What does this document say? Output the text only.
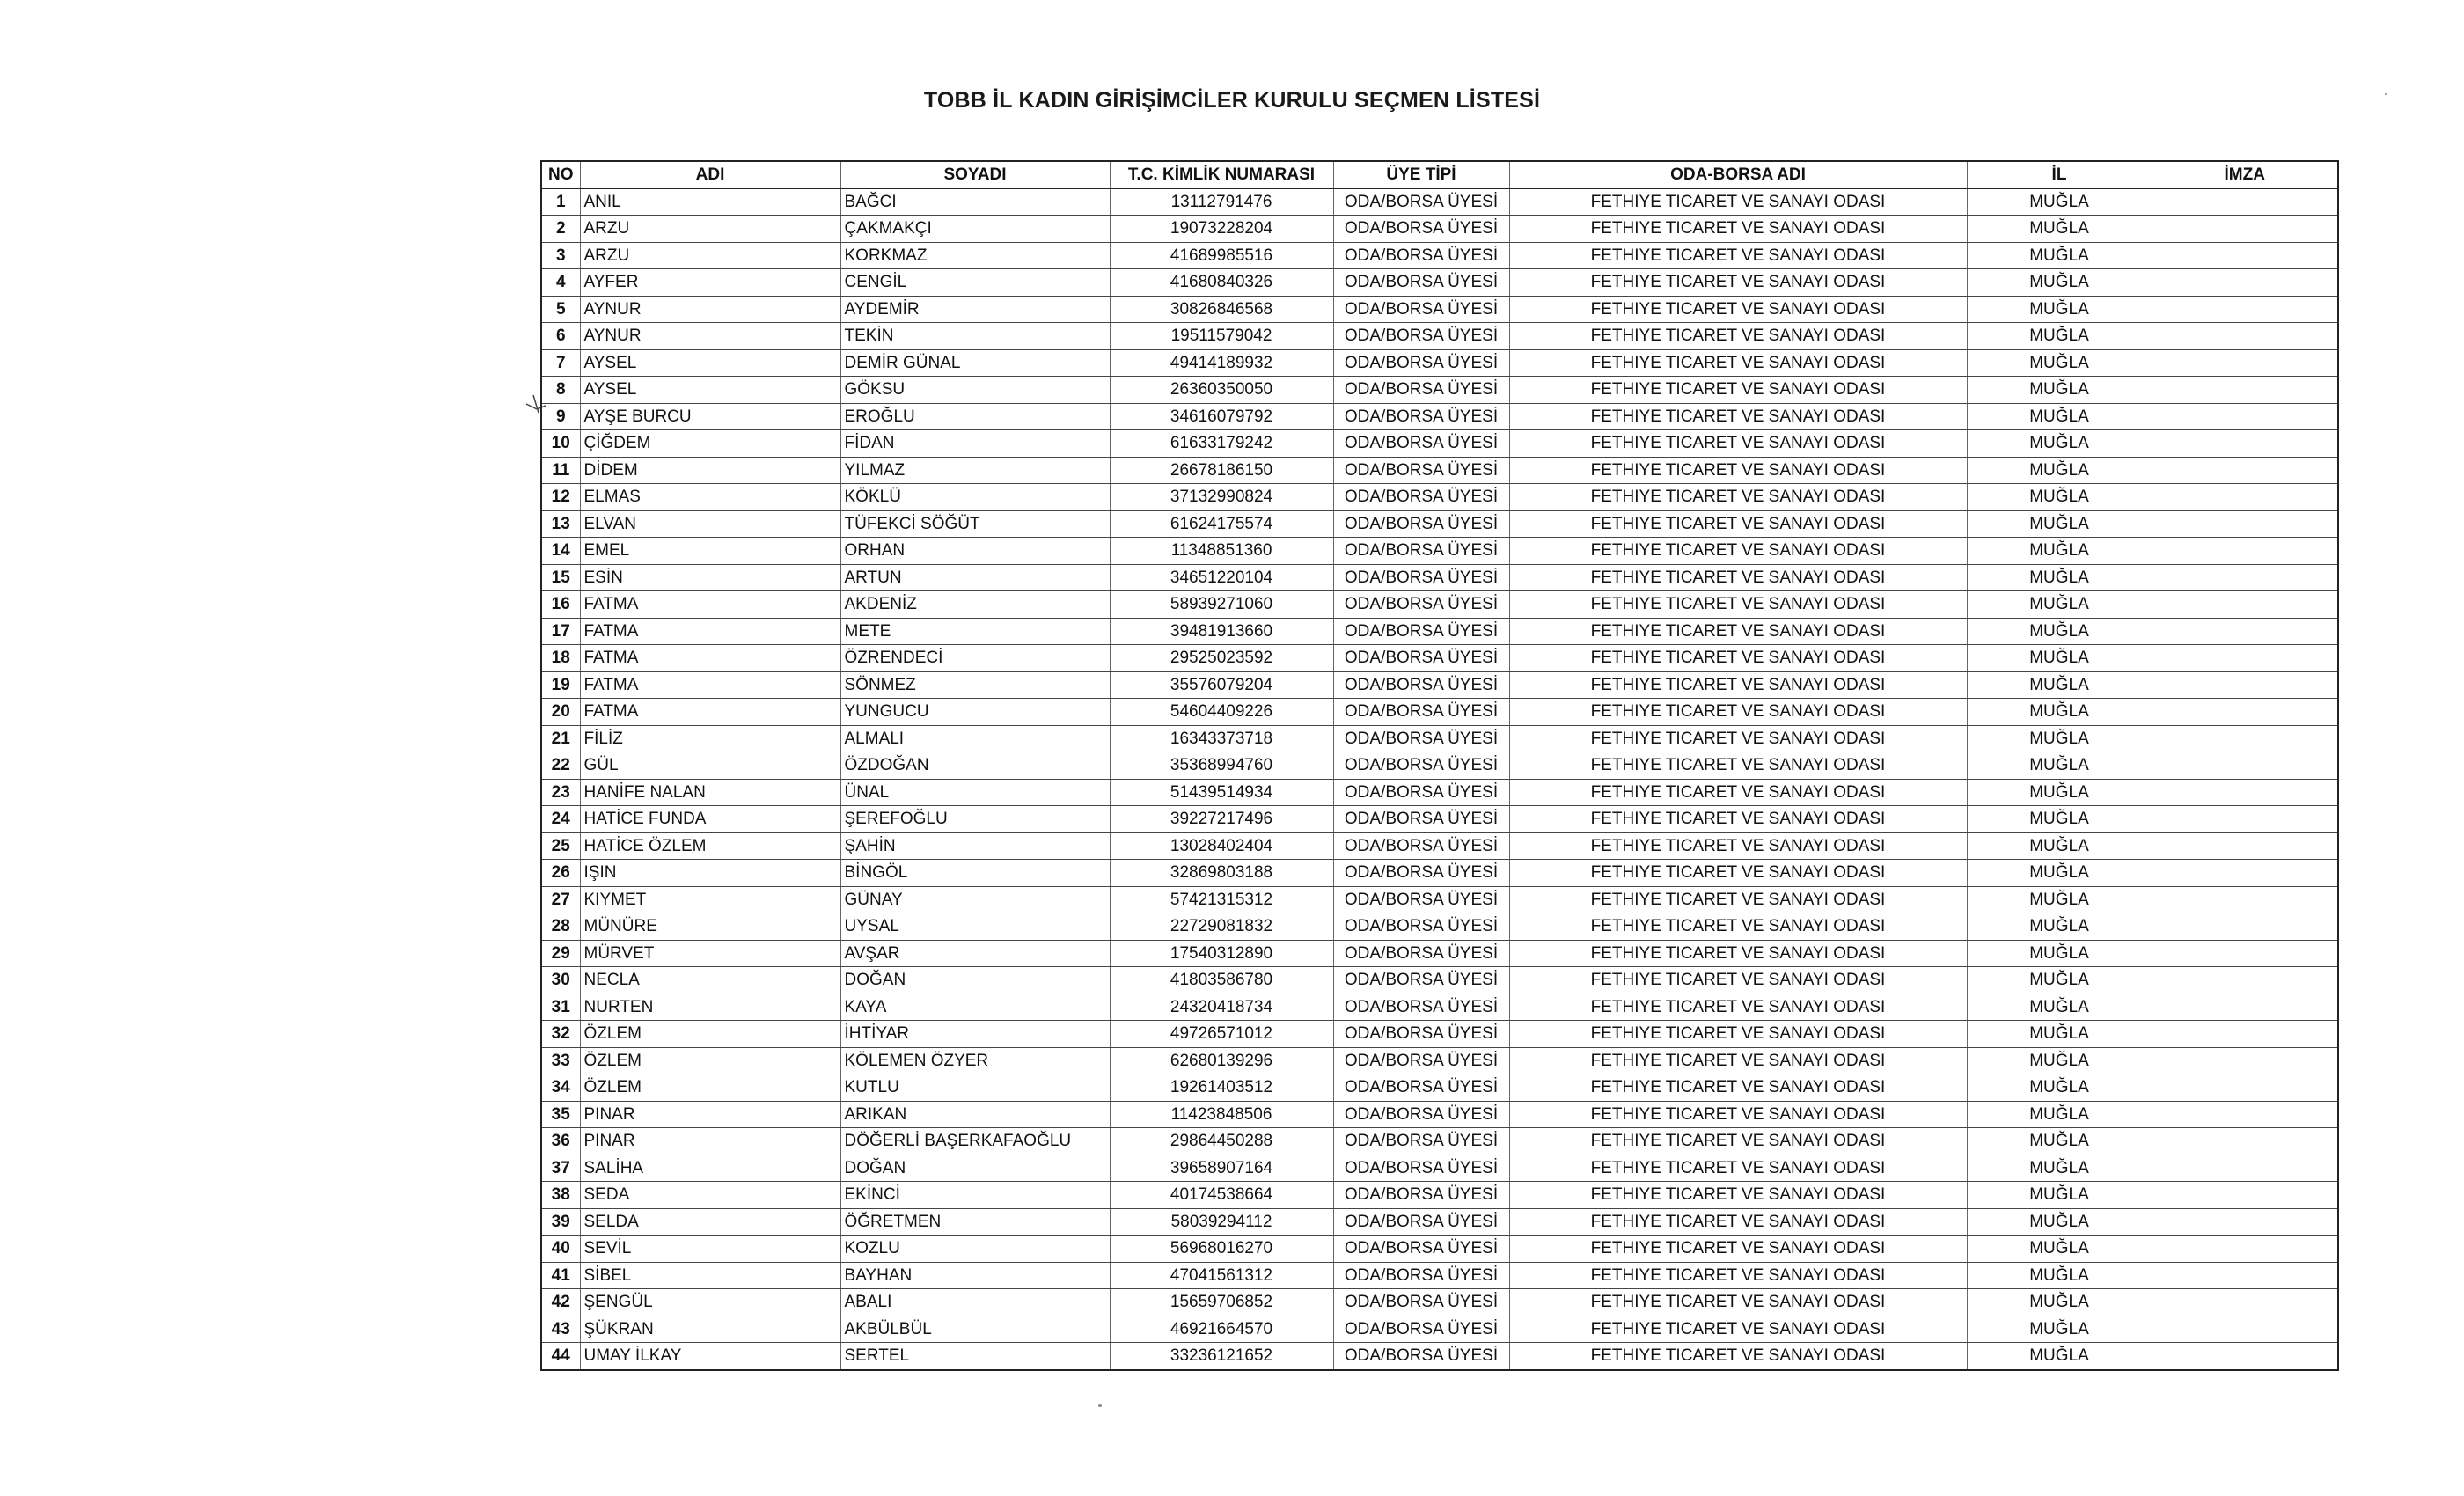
TOBB İL KADIN GİRİŞİMCİLER KURULU SEÇMEN LİSTESİ
NO	ADI	SOYADI	T.C. KİMLİK NUMARASI	ÜYE TİPİ	ODA-BORSA ADI	İL	İMZA
1	ANIL	BAĞCI	13112791476	ODA/BORSA ÜYESİ	FETHIYE TICARET VE SANAYI ODASI	MUĞLA	
2	ARZU	ÇAKMAKÇI	19073228204	ODA/BORSA ÜYESİ	FETHIYE TICARET VE SANAYI ODASI	MUĞLA	
3	ARZU	KORKMAZ	41689985516	ODA/BORSA ÜYESİ	FETHIYE TICARET VE SANAYI ODASI	MUĞLA	
4	AYFER	CENGİL	41680840326	ODA/BORSA ÜYESİ	FETHIYE TICARET VE SANAYI ODASI	MUĞLA	
5	AYNUR	AYDEMİR	30826846568	ODA/BORSA ÜYESİ	FETHIYE TICARET VE SANAYI ODASI	MUĞLA	
6	AYNUR	TEKİN	19511579042	ODA/BORSA ÜYESİ	FETHIYE TICARET VE SANAYI ODASI	MUĞLA	
7	AYSEL	DEMİR GÜNAL	49414189932	ODA/BORSA ÜYESİ	FETHIYE TICARET VE SANAYI ODASI	MUĞLA	
8	AYSEL	GÖKSU	26360350050	ODA/BORSA ÜYESİ	FETHIYE TICARET VE SANAYI ODASI	MUĞLA	
9	AYŞE BURCU	EROĞLU	34616079792	ODA/BORSA ÜYESİ	FETHIYE TICARET VE SANAYI ODASI	MUĞLA	
10	ÇİĞDEM	FİDAN	61633179242	ODA/BORSA ÜYESİ	FETHIYE TICARET VE SANAYI ODASI	MUĞLA	
11	DİDEM	YILMAZ	26678186150	ODA/BORSA ÜYESİ	FETHIYE TICARET VE SANAYI ODASI	MUĞLA	
12	ELMAS	KÖKLÜ	37132990824	ODA/BORSA ÜYESİ	FETHIYE TICARET VE SANAYI ODASI	MUĞLA	
13	ELVAN	TÜFEKCİ SÖĞÜT	61624175574	ODA/BORSA ÜYESİ	FETHIYE TICARET VE SANAYI ODASI	MUĞLA	
14	EMEL	ORHAN	11348851360	ODA/BORSA ÜYESİ	FETHIYE TICARET VE SANAYI ODASI	MUĞLA	
15	ESİN	ARTUN	34651220104	ODA/BORSA ÜYESİ	FETHIYE TICARET VE SANAYI ODASI	MUĞLA	
16	FATMA	AKDENİZ	58939271060	ODA/BORSA ÜYESİ	FETHIYE TICARET VE SANAYI ODASI	MUĞLA	
17	FATMA	METE	39481913660	ODA/BORSA ÜYESİ	FETHIYE TICARET VE SANAYI ODASI	MUĞLA	
18	FATMA	ÖZRENDECİ	29525023592	ODA/BORSA ÜYESİ	FETHIYE TICARET VE SANAYI ODASI	MUĞLA	
19	FATMA	SÖNMEZ	35576079204	ODA/BORSA ÜYESİ	FETHIYE TICARET VE SANAYI ODASI	MUĞLA	
20	FATMA	YUNGUCU	54604409226	ODA/BORSA ÜYESİ	FETHIYE TICARET VE SANAYI ODASI	MUĞLA	
21	FİLİZ	ALMALI	16343373718	ODA/BORSA ÜYESİ	FETHIYE TICARET VE SANAYI ODASI	MUĞLA	
22	GÜL	ÖZDOĞAN	35368994760	ODA/BORSA ÜYESİ	FETHIYE TICARET VE SANAYI ODASI	MUĞLA	
23	HANİFE NALAN	ÜNAL	51439514934	ODA/BORSA ÜYESİ	FETHIYE TICARET VE SANAYI ODASI	MUĞLA	
24	HATİCE FUNDA	ŞEREFOĞLU	39227217496	ODA/BORSA ÜYESİ	FETHIYE TICARET VE SANAYI ODASI	MUĞLA	
25	HATİCE ÖZLEM	ŞAHİN	13028402404	ODA/BORSA ÜYESİ	FETHIYE TICARET VE SANAYI ODASI	MUĞLA	
26	IŞIN	BİNGÖL	32869803188	ODA/BORSA ÜYESİ	FETHIYE TICARET VE SANAYI ODASI	MUĞLA	
27	KIYMET	GÜNAY	57421315312	ODA/BORSA ÜYESİ	FETHIYE TICARET VE SANAYI ODASI	MUĞLA	
28	MÜNÜRE	UYSAL	22729081832	ODA/BORSA ÜYESİ	FETHIYE TICARET VE SANAYI ODASI	MUĞLA	
29	MÜRVET	AVŞAR	17540312890	ODA/BORSA ÜYESİ	FETHIYE TICARET VE SANAYI ODASI	MUĞLA	
30	NECLA	DOĞAN	41803586780	ODA/BORSA ÜYESİ	FETHIYE TICARET VE SANAYI ODASI	MUĞLA	
31	NURTEN	KAYA	24320418734	ODA/BORSA ÜYESİ	FETHIYE TICARET VE SANAYI ODASI	MUĞLA	
32	ÖZLEM	İHTİYAR	49726571012	ODA/BORSA ÜYESİ	FETHIYE TICARET VE SANAYI ODASI	MUĞLA	
33	ÖZLEM	KÖLEMEN ÖZYER	62680139296	ODA/BORSA ÜYESİ	FETHIYE TICARET VE SANAYI ODASI	MUĞLA	
34	ÖZLEM	KUTLU	19261403512	ODA/BORSA ÜYESİ	FETHIYE TICARET VE SANAYI ODASI	MUĞLA	
35	PINAR	ARIKAN	11423848506	ODA/BORSA ÜYESİ	FETHIYE TICARET VE SANAYI ODASI	MUĞLA	
36	PINAR	DÖĞERLİ BAŞERKAFAOĞLU	29864450288	ODA/BORSA ÜYESİ	FETHIYE TICARET VE SANAYI ODASI	MUĞLA	
37	SALİHA	DOĞAN	39658907164	ODA/BORSA ÜYESİ	FETHIYE TICARET VE SANAYI ODASI	MUĞLA	
38	SEDA	EKİNCİ	40174538664	ODA/BORSA ÜYESİ	FETHIYE TICARET VE SANAYI ODASI	MUĞLA	
39	SELDA	ÖĞRETMEN	58039294112	ODA/BORSA ÜYESİ	FETHIYE TICARET VE SANAYI ODASI	MUĞLA	
40	SEVİL	KOZLU	56968016270	ODA/BORSA ÜYESİ	FETHIYE TICARET VE SANAYI ODASI	MUĞLA	
41	SİBEL	BAYHAN	47041561312	ODA/BORSA ÜYESİ	FETHIYE TICARET VE SANAYI ODASI	MUĞLA	
42	ŞENGÜL	ABALI	15659706852	ODA/BORSA ÜYESİ	FETHIYE TICARET VE SANAYI ODASI	MUĞLA	
43	ŞÜKRAN	AKBÜLBÜL	46921664570	ODA/BORSA ÜYESİ	FETHIYE TICARET VE SANAYI ODASI	MUĞLA	
44	UMAY İLKAY	SERTEL	33236121652	ODA/BORSA ÜYESİ	FETHIYE TICARET VE SANAYI ODASI	MUĞLA	
